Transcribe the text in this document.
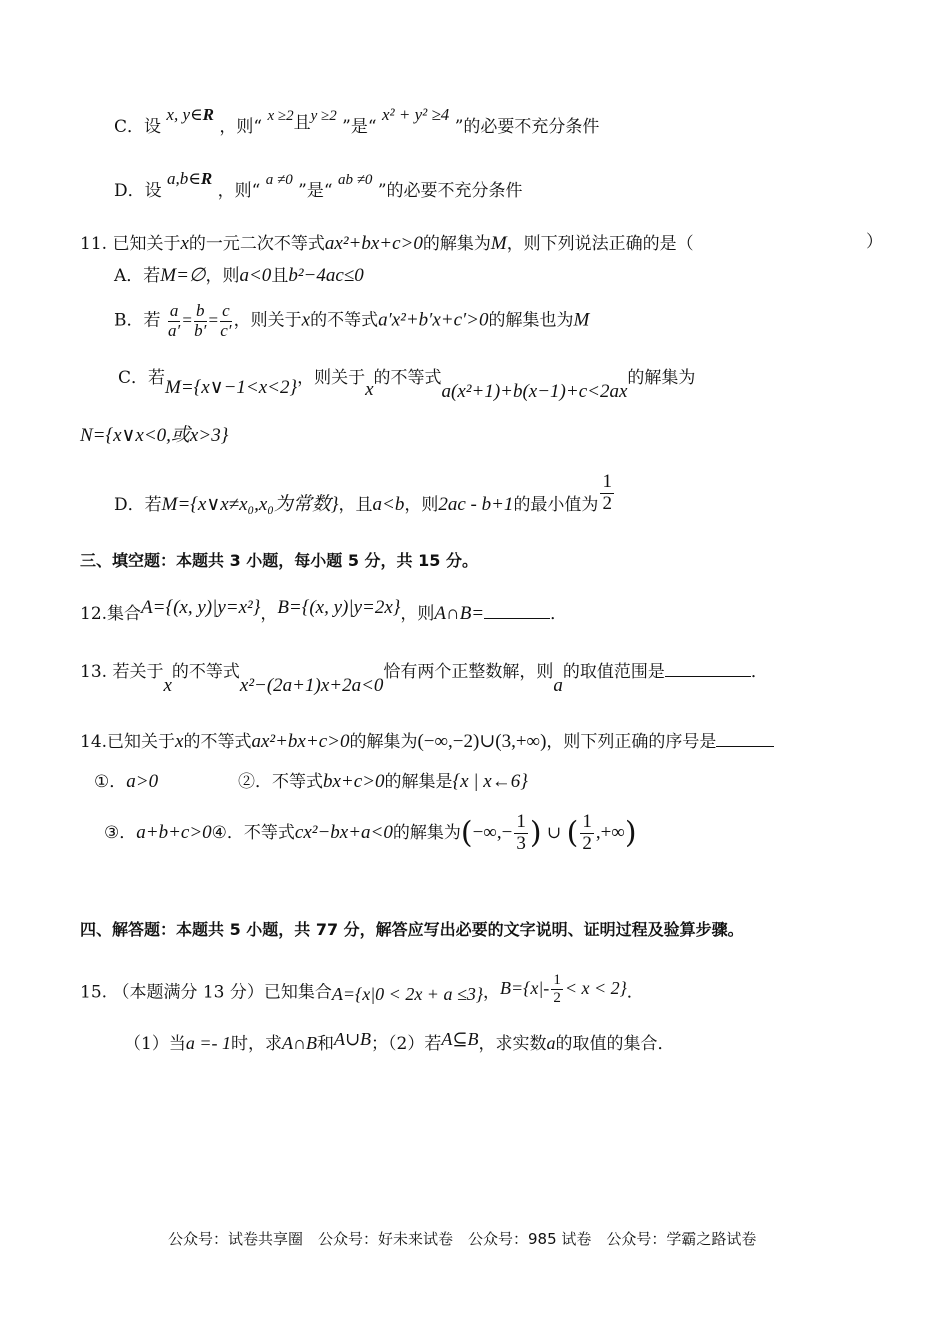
C．设 x, y∈R ，则“ x ≥2且y ≥2 ”是“ x² + y² ≥4 ”的必要不充分条件
D．设 a,b∈R ，则“ a ≠0 ”是“ ab ≠0 ”的必要不充分条件
11. 已知关于x的一元二次不等式ax²+bx+c>0的解集为M，则下列说法正确的是（	）
A．若M=∅，则a<0且b²−4ac≤0
B．若 $\frac{a}{a'} = \frac{b}{b'} = \frac{c}{c'}$ ，则关于x的不等式a′x²+b′x+c′>0的解集也为M
C．若M={x∨−1<x<2}，则关于x的不等式a(x²+1)+b(x−1)+c<2ax的解集为
N={x∨x<0,或x>3}
D．若M={x∨x≠x₀,x₀为常数}，且a<b，则2ac - b+1的最小值为 $\frac{1}{2}$
三、填空题：本题共 3 小题，每小题 5 分，共 15 分。
12.集合A={(x, y)|y=x²}，B={(x, y)|y=2x}，则A∩B=	．
13. 若关于x的不等式x²−(2a+1)x+2a<0恰有两个正整数解，则a的取值范围是	．
14.已知关于x的不等式ax²+bx+c>0的解集为(−∞,−2)∪(3,+∞)，则下列正确的序号是
①．a>0	②．不等式bx+c>0的解集是{x | x←6}
③．a+b+c>0④．不等式cx²−bx+a<0的解集为(−∞,− $\frac{1}{3}$ ) ∪ ( $\frac{1}{2}$ ,+∞)
四、解答题：本题共 5 小题，共 77 分，解答应写出必要的文字说明、证明过程及验算步骤。
15. （本题满分 13 分）已知集合A={x|0 < 2x + a ≤3}，$B=\{x|- \frac{1}{2} < x < 2\}$．
（1）当a =- 1时，求A∩B和A∪B；（2）若A⊆B，求实数a的取值的集合．
公众号：试卷共享圈　公众号：好未来试卷　公众号：985 试卷　公众号：学霸之路试卷
